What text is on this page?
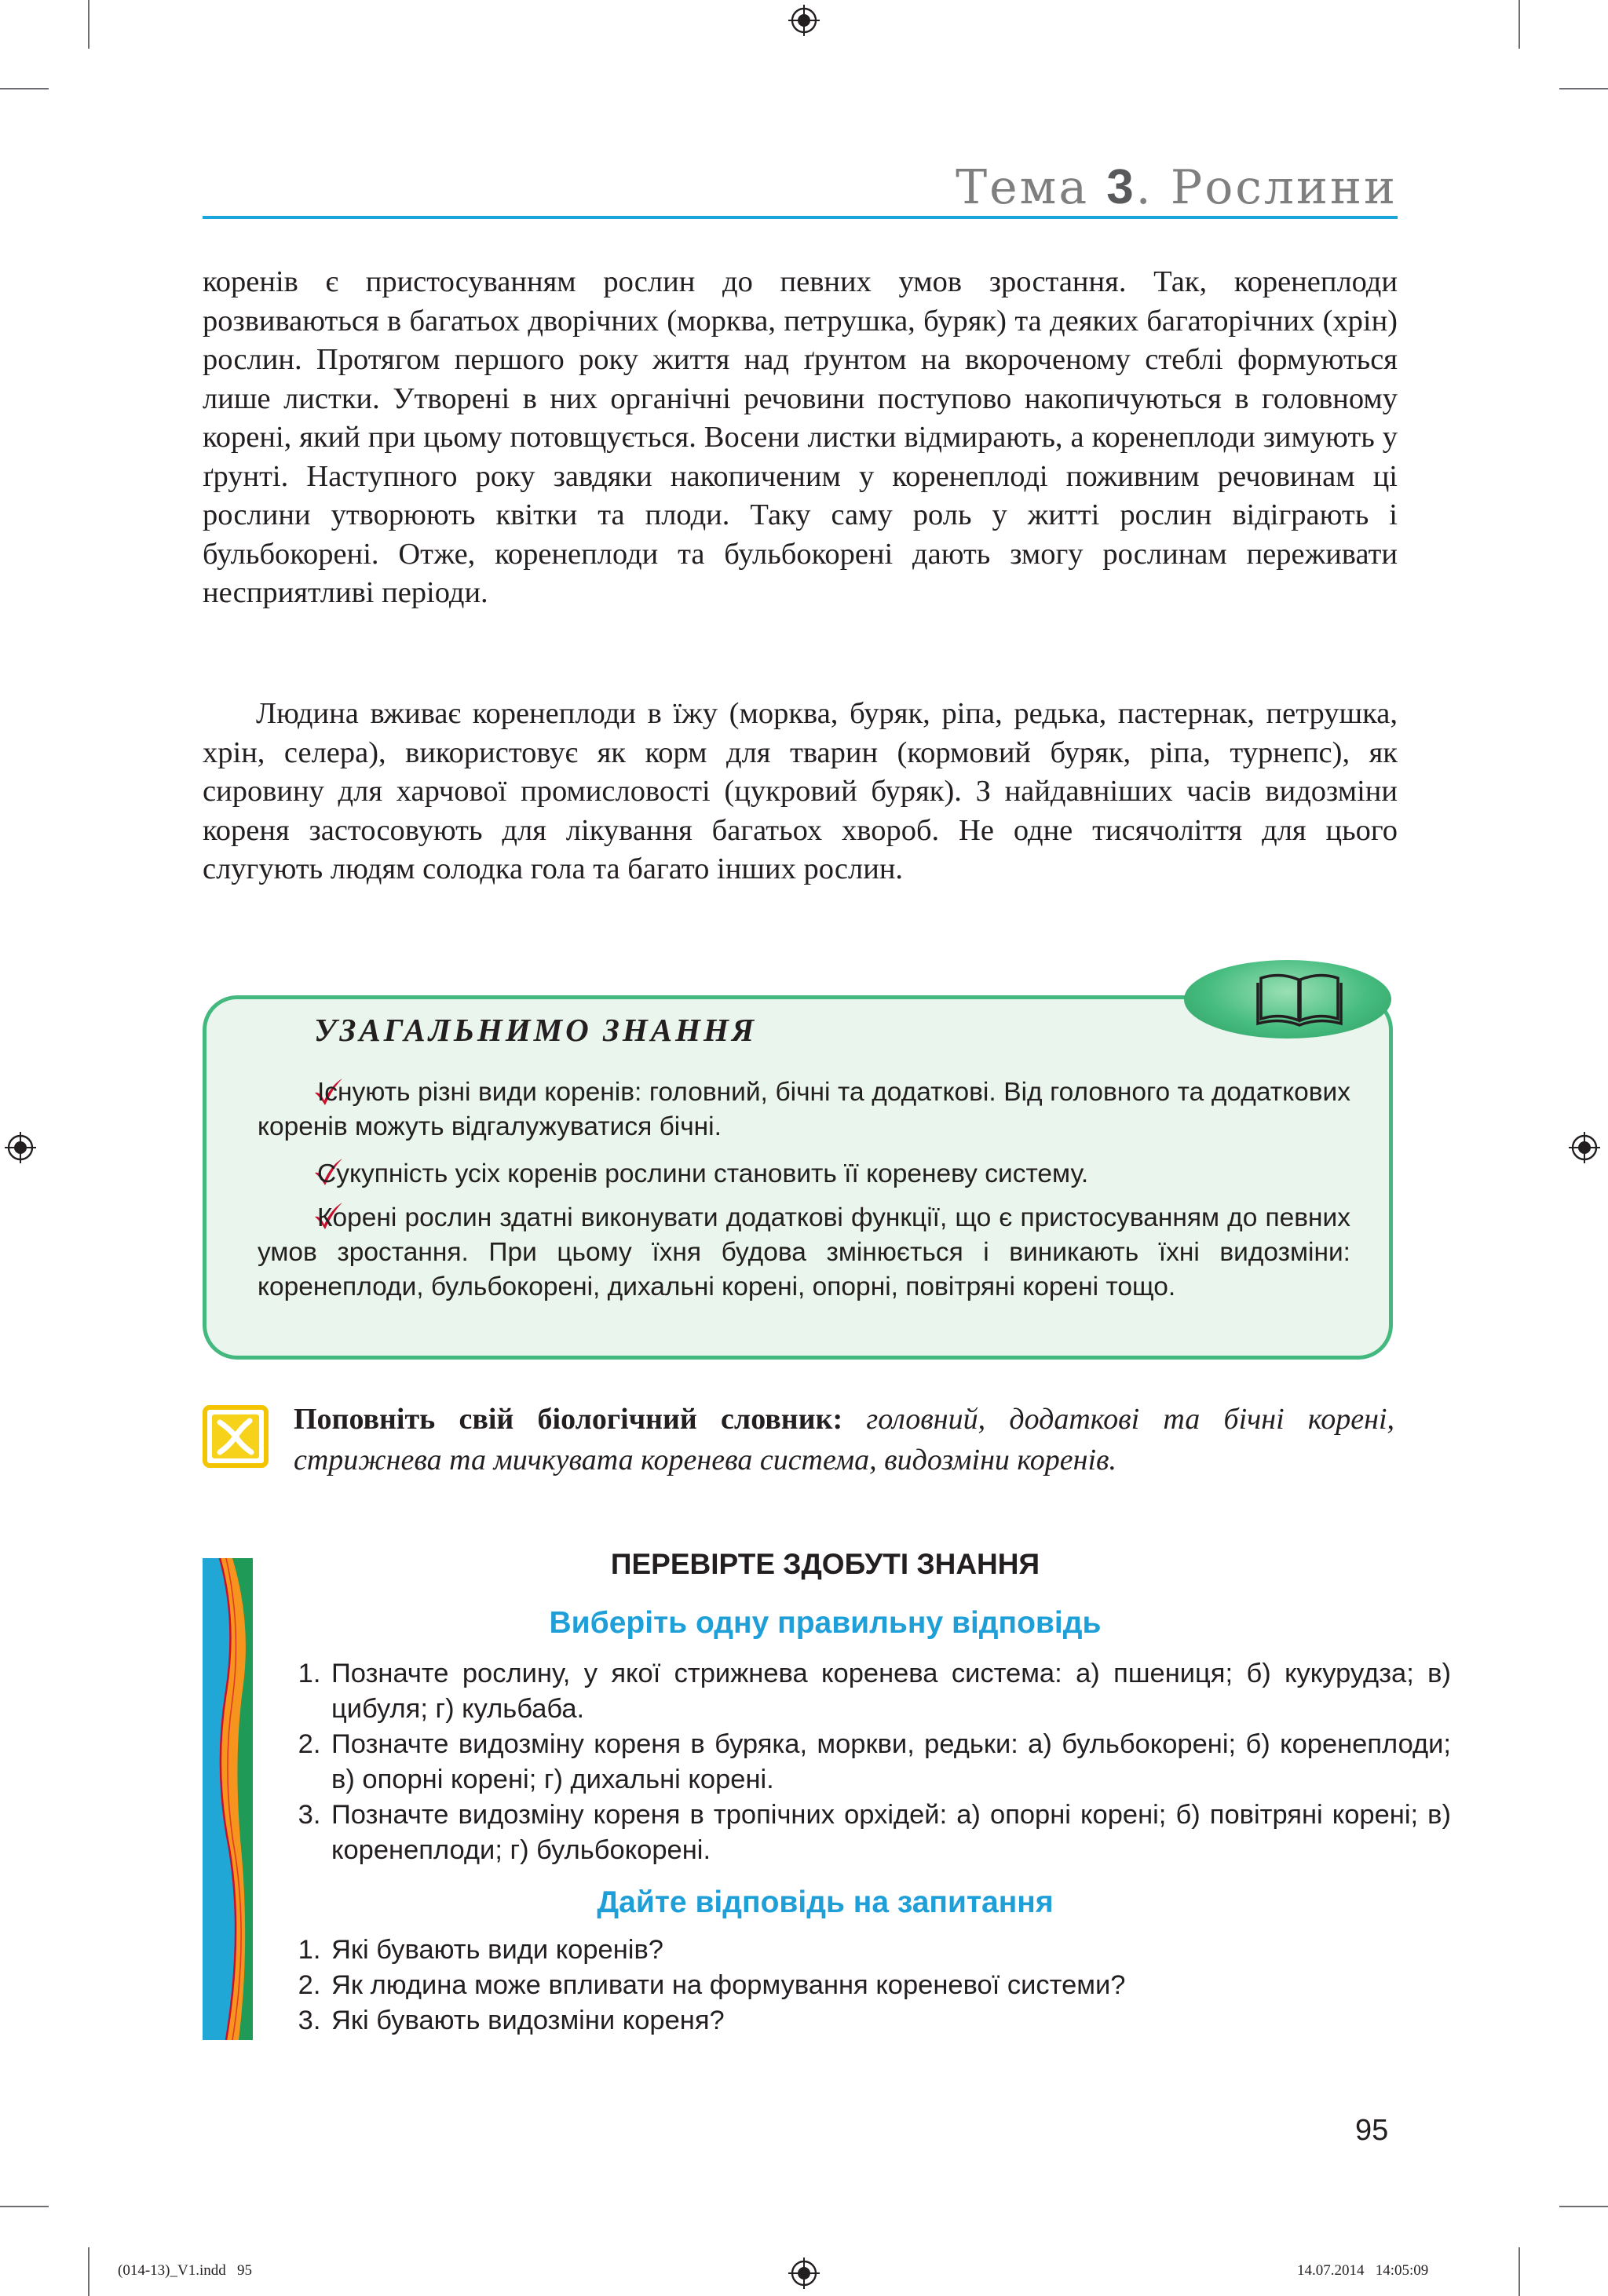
Тема 3. Рослини
коренів є пристосуванням рослин до певних умов зростання. Так, коренеплоди розвиваються в багатьох дворічних (морква, петрушка, буряк) та деяких багаторічних (хрін) рослин. Протягом першого року життя над ґрунтом на вкороченому стеблі формуються лише листки. Утворені в них органічні речовини поступово накопичуються в головному корені, який при цьому потовщується. Восени листки відмирають, а коренеплоди зимують у ґрунті. Наступного року завдяки накопиченим у коренеплоді поживним речовинам ці рослини утворюють квітки та плоди. Таку саму роль у житті рослин відіграють і бульбокорені. Отже, коренеплоди та бульбокорені дають змогу рослинам переживати несприятливі періоди.
Людина вживає коренеплоди в їжу (морква, буряк, ріпа, редька, пастернак, петрушка, хрін, селера), використовує як корм для тварин (кормовий буряк, ріпа, турнепс), як сировину для харчової промисловості (цукровий буряк). З найдавніших часів видозміни кореня застосовують для лікування багатьох хвороб. Не одне тисячоліття для цього слугують людям солодка гола та багато інших рослин.
УЗАГАЛЬНИМО ЗНАННЯ
Існують різні види коренів: головний, бічні та додаткові. Від головного та додаткових коренів можуть відгалужуватися бічні.
Сукупність усіх коренів рослини становить її кореневу систему.
Корені рослин здатні виконувати додаткові функції, що є пристосуванням до певних умов зростання. При цьому їхня будова змінюється і виникають їхні видозміни: коренеплоди, бульбокорені, дихальні корені, опорні, повітряні корені тощо.
Поповніть свій біологічний словник: головний, додаткові та бічні корені, стрижнева та мичкувата коренева система, видозміни коренів.
ПЕРЕВІРТЕ ЗДОБУТІ ЗНАННЯ
Виберіть одну правильну відповідь
1. Позначте рослину, у якої стрижнева коренева система: а) пшениця; б) кукурудза; в) цибуля; г) кульбаба.
2. Позначте видозміну кореня в буряка, моркви, редьки: а) бульбокорені; б) коренеплоди; в) опорні корені; г) дихальні корені.
3. Позначте видозміну кореня в тропічних орхідей: а) опорні корені; б) повітряні корені; в) коренеплоди; г) бульбокорені.
Дайте відповідь на запитання
1. Які бувають види коренів?
2. Як людина може впливати на формування кореневої системи?
3. Які бувають видозміни кореня?
95
(014-13)_V1.indd   95	14.07.2014   14:05:09
